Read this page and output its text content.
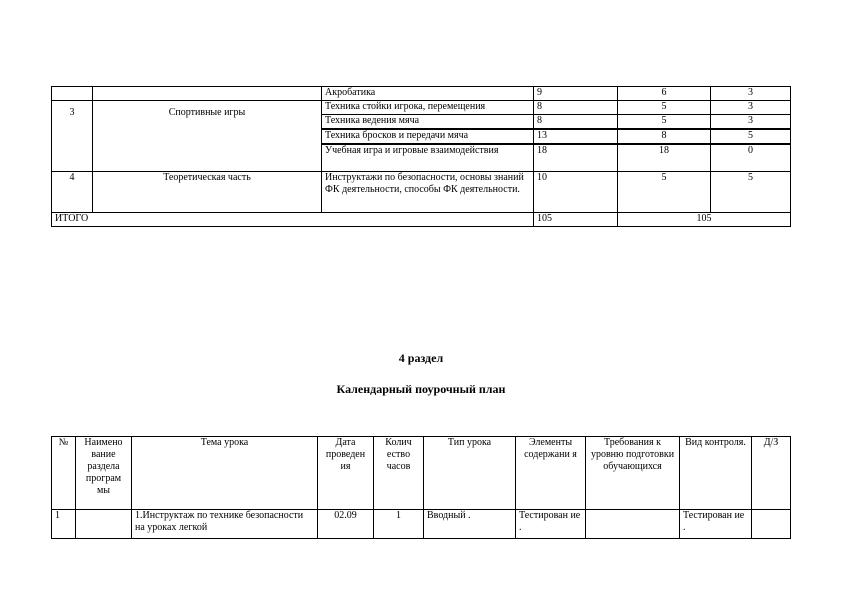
		Акробатика	9	6	3
3	Спортивные игры	Техника стойки игрока, перемещения	8	5	3
		Техника ведения мяча	8	5	3
		Техника бросков и передачи мяча	13	8	5
		Учебная игра и игровые взаимодействия	18	18	0
4	Теоретическая часть	Инструктажи по безопасности, основы знаний ФК деятельности, способы ФК деятельности.	10	5	5
ИТОГО			105	105	
4 раздел
Календарный поурочный план
№	Наимено вание раздела програм мы	Тема урока	Дата проведен ия	Колич ество часов	Тип урока	Элементы содержани я	Требования к уровню подготовки обучающихся	Вид контроля.	Д/З
1		1.Инструктаж по технике безопасности на уроках легкой	02.09	1	Вводный .	Тестирован ие .		Тестирован ие .	
